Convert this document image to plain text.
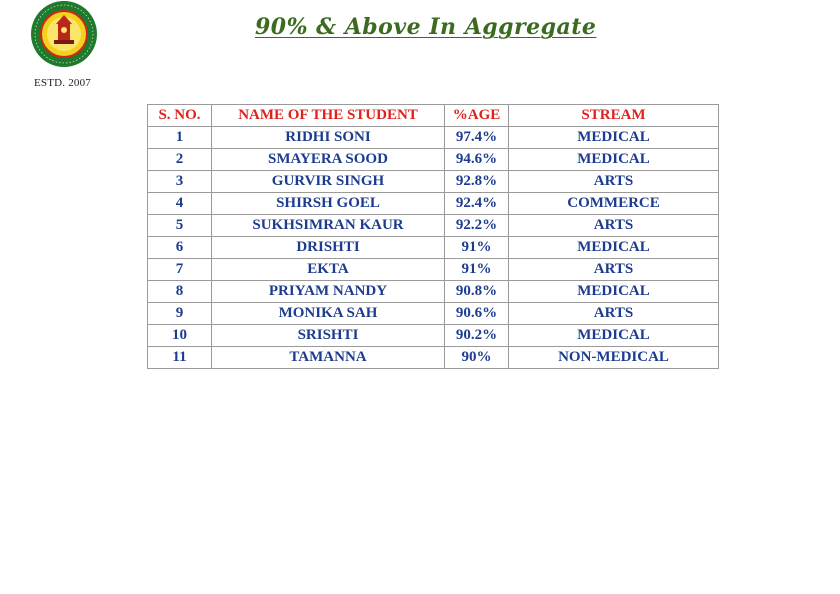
ESTD. 2007
90% & Above In Aggregate
S. NO.	NAME OF THE STUDENT	%AGE	STREAM
1	RIDHI SONI	97.4%	MEDICAL
2	SMAYERA SOOD	94.6%	MEDICAL
3	GURVIR SINGH	92.8%	ARTS
4	SHIRSH GOEL	92.4%	COMMERCE
5	SUKHSIMRAN KAUR	92.2%	ARTS
6	DRISHTI	91%	MEDICAL
7	EKTA	91%	ARTS
8	PRIYAM NANDY	90.8%	MEDICAL
9	MONIKA SAH	90.6%	ARTS
10	SRISHTI	90.2%	MEDICAL
11	TAMANNA	90%	NON-MEDICAL
